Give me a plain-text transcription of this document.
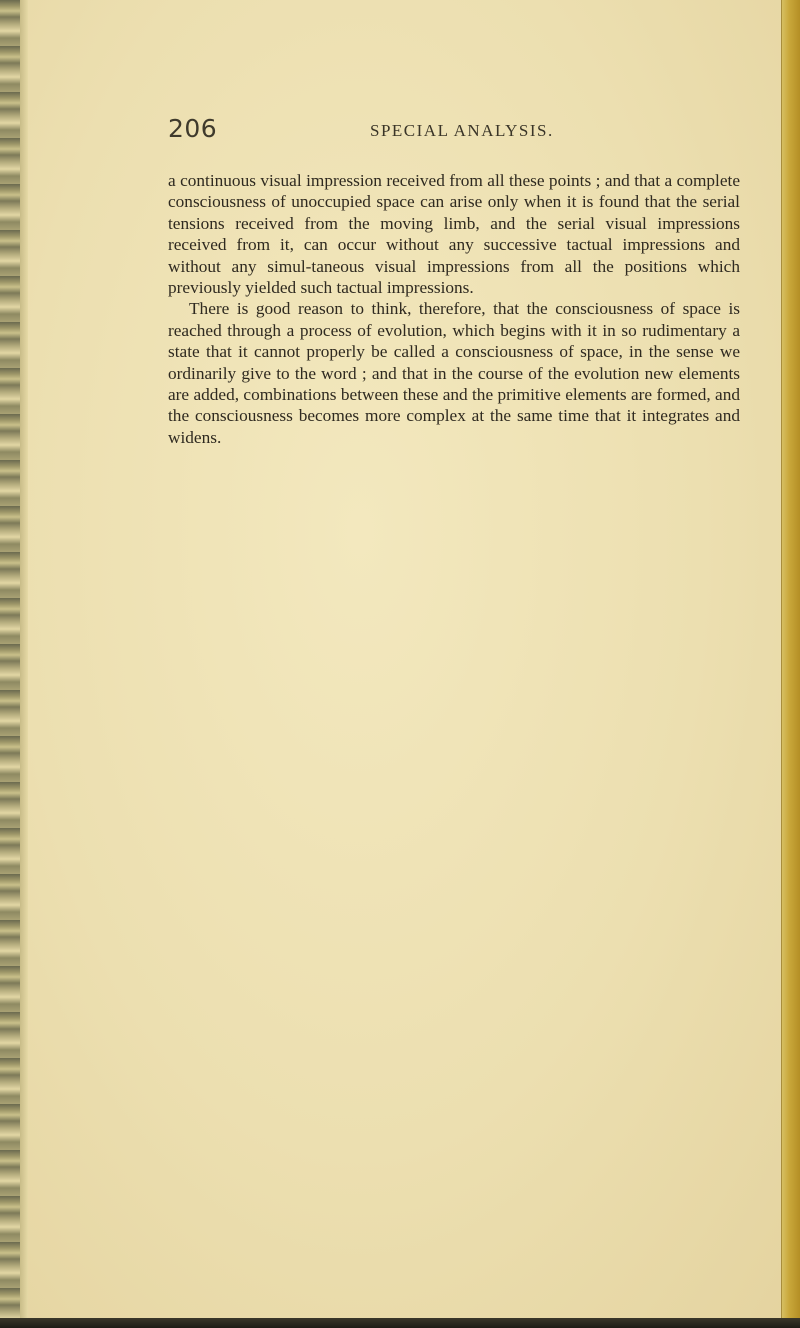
206	SPECIAL ANALYSIS.

a continuous visual impression received from all these points ; and that a complete consciousness of unoccupied space can arise only when it is found that the serial tensions received from the moving limb, and the serial visual impressions received from it, can occur without any successive tactual impressions and without any simul-taneous visual impressions from all the positions which previously yielded such tactual impressions.

There is good reason to think, therefore, that the consciousness of space is reached through a process of evolution, which begins with it in so rudimentary a state that it cannot properly be called a consciousness of space, in the sense we ordinarily give to the word ; and that in the course of the evolution new elements are added, combinations between these and the primitive elements are formed, and the consciousness becomes more complex at the same time that it integrates and widens.
